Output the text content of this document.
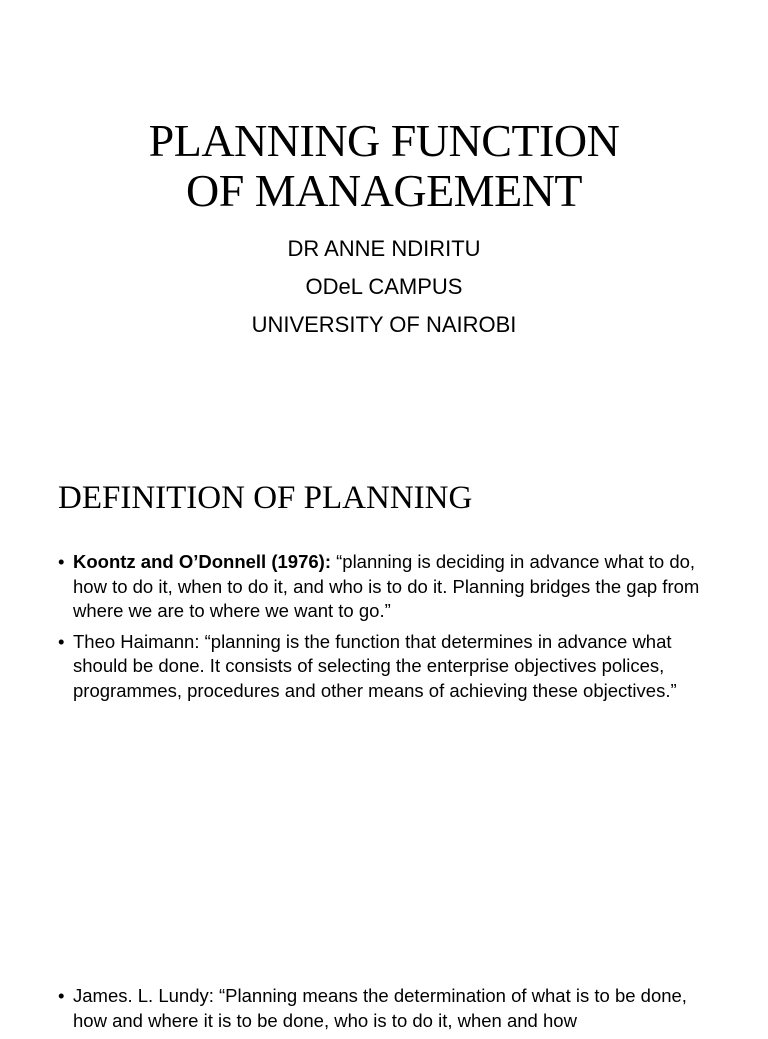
PLANNING FUNCTION
OF MANAGEMENT
DR ANNE NDIRITU
ODeL CAMPUS
UNIVERSITY OF NAIROBI
DEFINITION OF PLANNING
• Koontz and O’Donnell (1976): “planning is deciding in advance what to do, how to do it, when to do it, and who is to do it. Planning bridges the gap from where we are to where we want to go.”
• Theo Haimann: “planning is the function that determines in advance what should be done. It consists of selecting the enterprise objectives polices, programmes, procedures and other means of achieving these objectives.”
• James. L. Lundy: “Planning means the determination of what is to be done, how and where it is to be done, who is to do it, when and how
